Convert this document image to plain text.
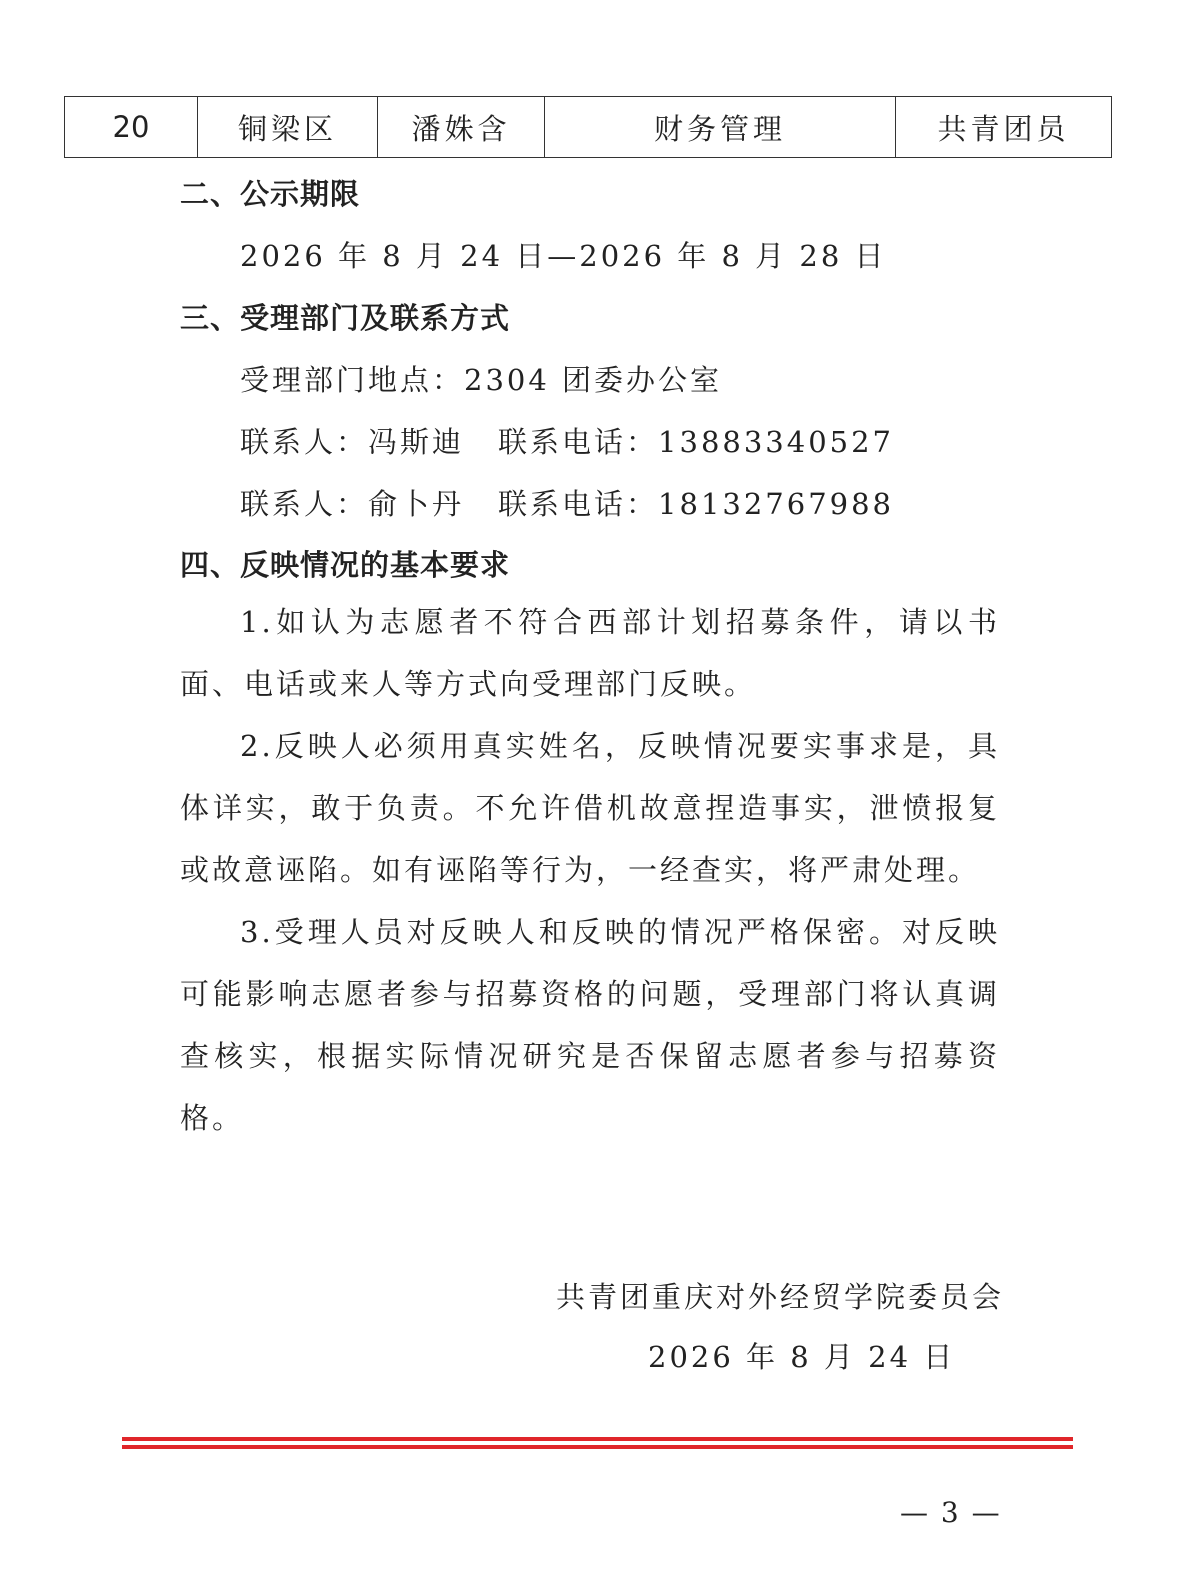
20	铜梁区	潘姝含	财务管理	共青团员
二、公示期限
2026 年 8 月 24 日—2026 年 8 月 28 日
三、受理部门及联系方式
受理部门地点：2304 团委办公室
联系人：冯斯迪 联系电话：13883340527
联系人：俞卜丹 联系电话：18132767988
四、反映情况的基本要求
1.如认为志愿者不符合西部计划招募条件，请以书面、电话或来人等方式向受理部门反映。
2.反映人必须用真实姓名，反映情况要实事求是，具体详实，敢于负责。不允许借机故意捏造事实，泄愤报复或故意诬陷。如有诬陷等行为，一经查实，将严肃处理。
3.受理人员对反映人和反映的情况严格保密。对反映可能影响志愿者参与招募资格的问题，受理部门将认真调查核实，根据实际情况研究是否保留志愿者参与招募资格。
共青团重庆对外经贸学院委员会
2026 年 8 月 24 日
— 3 —
